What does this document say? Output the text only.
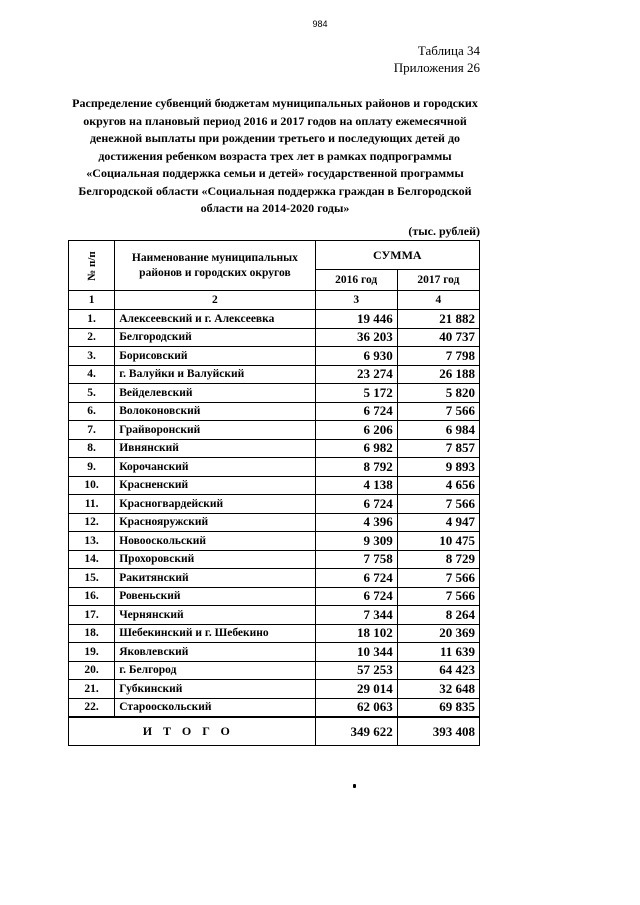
984
Таблица 34
Приложения 26
Распределение субвенций бюджетам муниципальных районов и городских округов на плановый период 2016 и 2017 годов на оплату ежемесячной денежной выплаты при рождении третьего и последующих детей до достижения ребенком возраста трех лет в рамках подпрограммы «Социальная поддержка семьи и детей» государственной программы Белгородской области «Социальная поддержка граждан в Белгородской области на 2014-2020 годы»
(тыс. рублей)
№ п/п	Наименование муниципальных районов и городских округов	СУММА	
		2016 год	2017 год
1	2	3	4
1.	Алексеевский и г. Алексеевка	19 446	21 882
2.	Белгородский	36 203	40 737
3.	Борисовский	6 930	7 798
4.	г. Валуйки и Валуйский	23 274	26 188
5.	Вейделевский	5 172	5 820
6.	Волоконовский	6 724	7 566
7.	Грайворонский	6 206	6 984
8.	Ивнянский	6 982	7 857
9.	Корочанский	8 792	9 893
10.	Красненский	4 138	4 656
11.	Красногвардейский	6 724	7 566
12.	Краснояружский	4 396	4 947
13.	Новооскольский	9 309	10 475
14.	Прохоровский	7 758	8 729
15.	Ракитянский	6 724	7 566
16.	Ровеньский	6 724	7 566
17.	Чернянский	7 344	8 264
18.	Шебекинский и г. Шебекино	18 102	20 369
19.	Яковлевский	10 344	11 639
20.	г. Белгород	57 253	64 423
21.	Губкинский	29 014	32 648
22.	Старооскольский	62 063	69 835
ИТОГО		349 622	393 408
